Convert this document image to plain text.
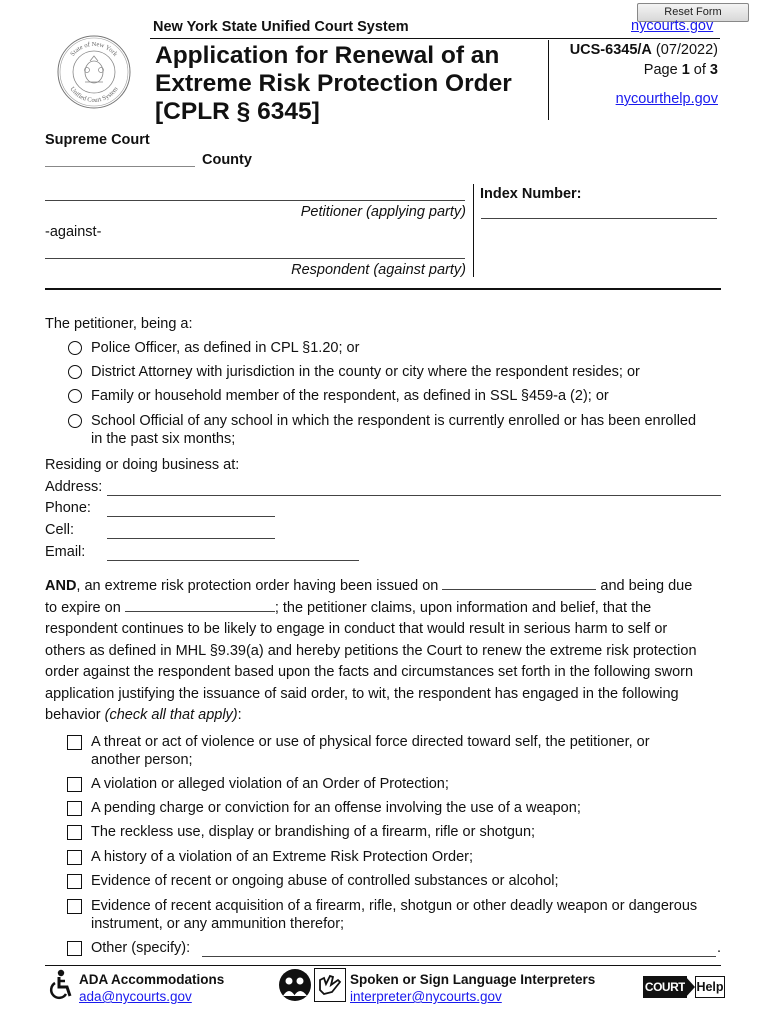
Reset Form
New York State Unified Court System	nycourts.gov
State of New York
Unified Court System
Application for Renewal of an
Extreme Risk Protection Order
[CPLR § 6345]
UCS-6345/A (07/2022)
Page 1 of 3
nycourthelp.gov
Supreme Court
County
Petitioner (applying party)
-against-
Respondent (against party)
Index Number:
The petitioner, being a:
Police Officer, as defined in CPL §1.20; or
District Attorney with jurisdiction in the county or city where the respondent resides; or
Family or household member of the respondent, as defined in SSL §459-a (2); or
School Official of any school in which the respondent is currently enrolled or has been enrolled
in the past six months;
Residing or doing business at:
Address:
Phone:
Cell:
Email:
AND, an extreme risk protection order having been issued on	and being due
to expire on	; the petitioner claims, upon information and belief, that the
respondent continues to be likely to engage in conduct that would result in serious harm to self or
others as defined in MHL §9.39(a) and hereby petitions the Court to renew the extreme risk protection
order against the respondent based upon the facts and circumstances set forth in the following sworn
application justifying the issuance of said order, to wit, the respondent has engaged in the following
behavior (check all that apply):
A threat or act of violence or use of physical force directed toward self, the petitioner, or
another person;
A violation or alleged violation of an Order of Protection;
A pending charge or conviction for an offense involving the use of a weapon;
The reckless use, display or brandishing of a firearm, rifle or shotgun;
A history of a violation of an Extreme Risk Protection Order;
Evidence of recent or ongoing abuse of controlled substances or alcohol;
Evidence of recent acquisition of a firearm, rifle, shotgun or other deadly weapon or dangerous
instrument, or any ammunition therefor;
Other (specify):	.
ADA Accommodations
ada@nycourts.gov
Spoken or Sign Language Interpreters
interpreter@nycourts.gov
COURT Help
